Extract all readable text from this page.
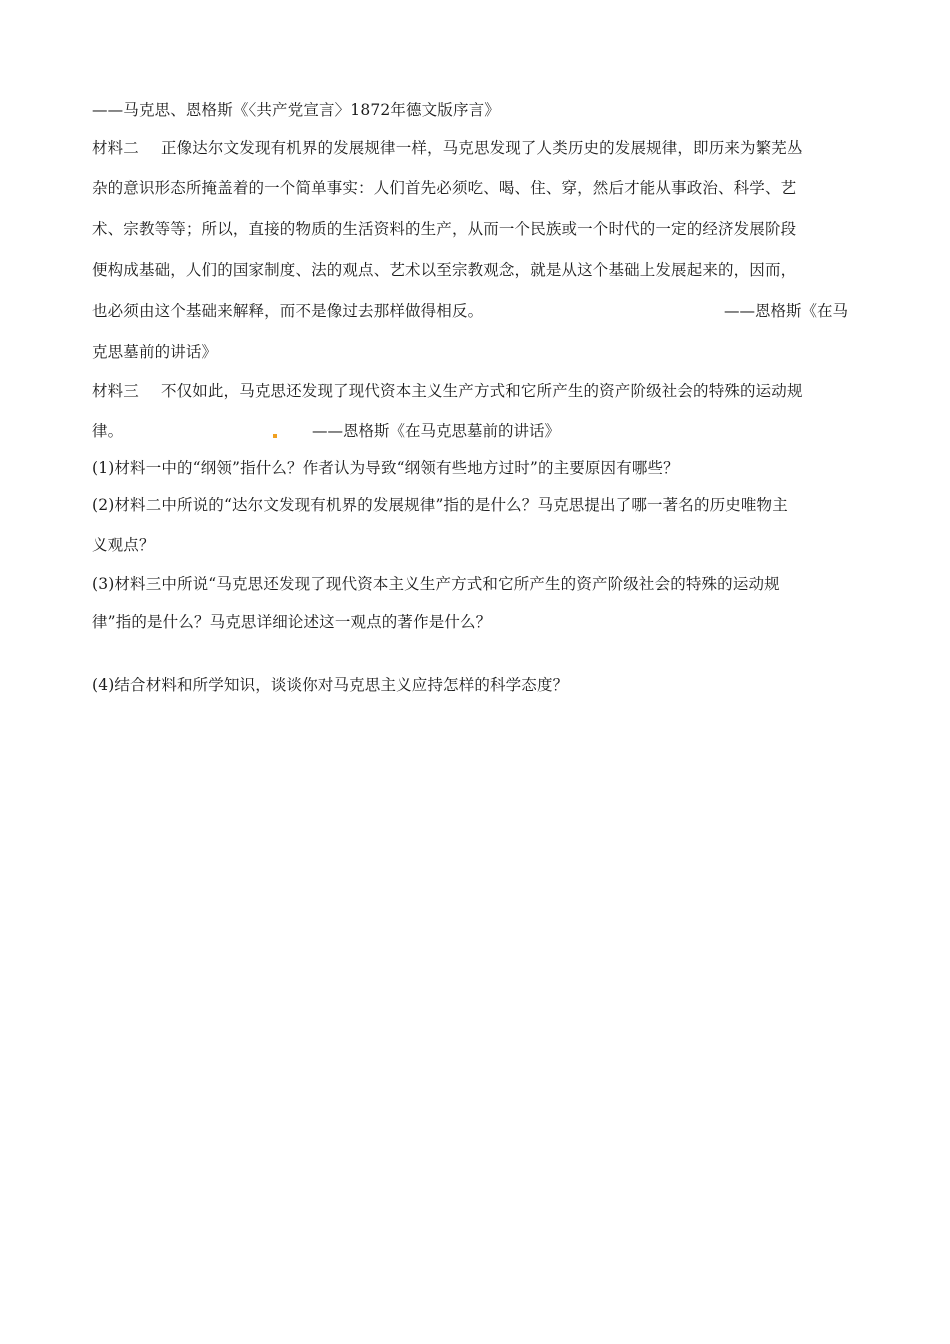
——马克思、恩格斯《〈共产党宣言〉1872年德文版序言》
材料二 正像达尔文发现有机界的发展规律一样，马克思发现了人类历史的发展规律，即历来为繁芜丛
杂的意识形态所掩盖着的一个简单事实：人们首先必须吃、喝、住、穿，然后才能从事政治、科学、艺
术、宗教等等；所以，直接的物质的生活资料的生产，从而一个民族或一个时代的一定的经济发展阶段
便构成基础，人们的国家制度、法的观点、艺术以至宗教观念，就是从这个基础上发展起来的，因而，
也必须由这个基础来解释，而不是像过去那样做得相反。	——恩格斯《在马
克思墓前的讲话》
材料三 不仅如此，马克思还发现了现代资本主义生产方式和它所产生的资产阶级社会的特殊的运动规
律。	——恩格斯《在马克思墓前的讲话》
(1)材料一中的“纲领”指什么？作者认为导致“纲领有些地方过时”的主要原因有哪些？
(2)材料二中所说的“达尔文发现有机界的发展规律”指的是什么？马克思提出了哪一著名的历史唯物主
义观点？
(3)材料三中所说“马克思还发现了现代资本主义生产方式和它所产生的资产阶级社会的特殊的运动规
律”指的是什么？马克思详细论述这一观点的著作是什么？
(4)结合材料和所学知识，谈谈你对马克思主义应持怎样的科学态度？
